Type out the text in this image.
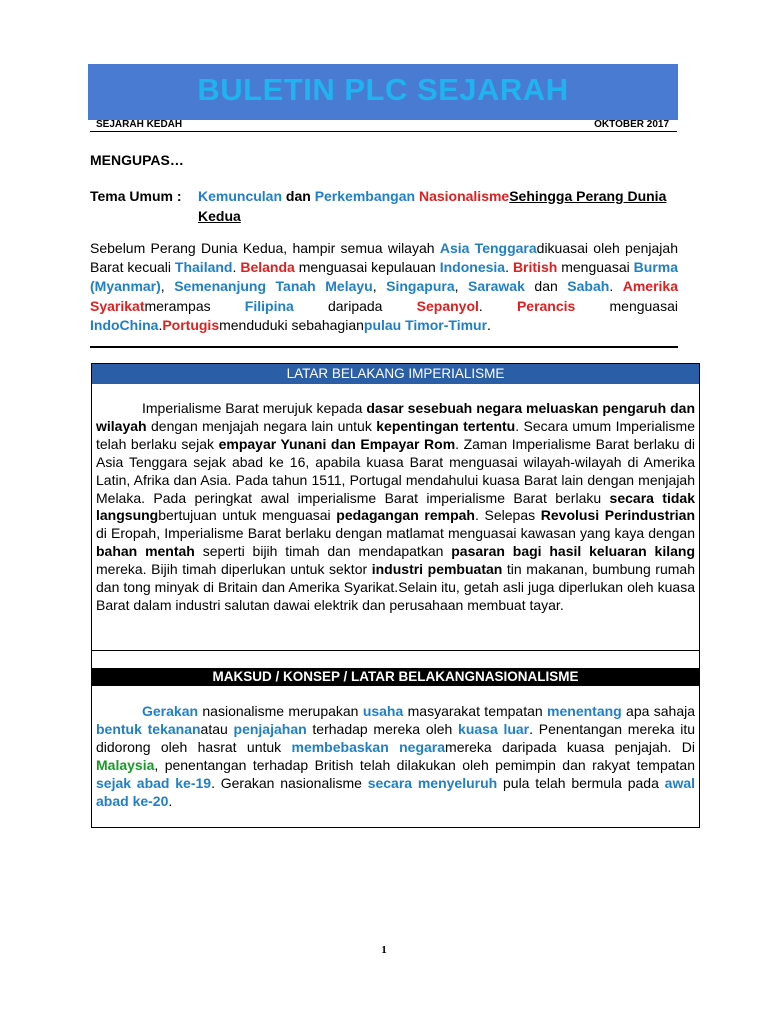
BULETIN PLC SEJARAH
SEJARAH KEDAH	OKTOBER 2017
MENGUPAS…
Tema Umum : Kemunculan dan Perkembangan NasionalismeSehingga Perang Dunia Kedua
Sebelum Perang Dunia Kedua, hampir semua wilayah Asia Tenggaradikuasai oleh penjajah Barat kecuali Thailand. Belanda menguasai kepulauan Indonesia. British menguasai Burma (Myanmar), Semenanjung Tanah Melayu, Singapura, Sarawak dan Sabah. Amerika Syarikatmerampas Filipina daripada Sepanyol. Perancis menguasai IndoChina.Portugismenduduki sebahagianpulau Timor-Timur.
LATAR BELAKANG IMPERIALISME
Imperialisme Barat merujuk kepada dasar sesebuah negara meluaskan pengaruh dan wilayah dengan menjajah negara lain untuk kepentingan tertentu. Secara umum Imperialisme telah berlaku sejak empayar Yunani dan Empayar Rom. Zaman Imperialisme Barat berlaku di Asia Tenggara sejak abad ke 16, apabila kuasa Barat menguasai wilayah-wilayah di Amerika Latin, Afrika dan Asia. Pada tahun 1511, Portugal mendahului kuasa Barat lain dengan menjajah Melaka. Pada peringkat awal imperialisme Barat imperialisme Barat berlaku secara tidak langsungbertujuan untuk menguasai pedagangan rempah. Selepas Revolusi Perindustrian di Eropah, Imperialisme Barat berlaku dengan matlamat menguasai kawasan yang kaya dengan bahan mentah seperti bijih timah dan mendapatkan pasaran bagi hasil keluaran kilang mereka. Bijih timah diperlukan untuk sektor industri pembuatan tin makanan, bumbung rumah dan tong minyak di Britain dan Amerika Syarikat.Selain itu, getah asli juga diperlukan oleh kuasa Barat dalam industri salutan dawai elektrik dan perusahaan membuat tayar.
MAKSUD / KONSEP / LATAR BELAKANGNASIONALISME
Gerakan nasionalisme merupakan usaha masyarakat tempatan menentang apa sahaja bentuk tekananatau penjajahan terhadap mereka oleh kuasa luar. Penentangan mereka itu didorong oleh hasrat untuk membebaskan negaramereka daripada kuasa penjajah. Di Malaysia, penentangan terhadap British telah dilakukan oleh pemimpin dan rakyat tempatan sejak abad ke-19. Gerakan nasionalisme secara menyeluruh pula telah bermula pada awal abad ke-20.
1
